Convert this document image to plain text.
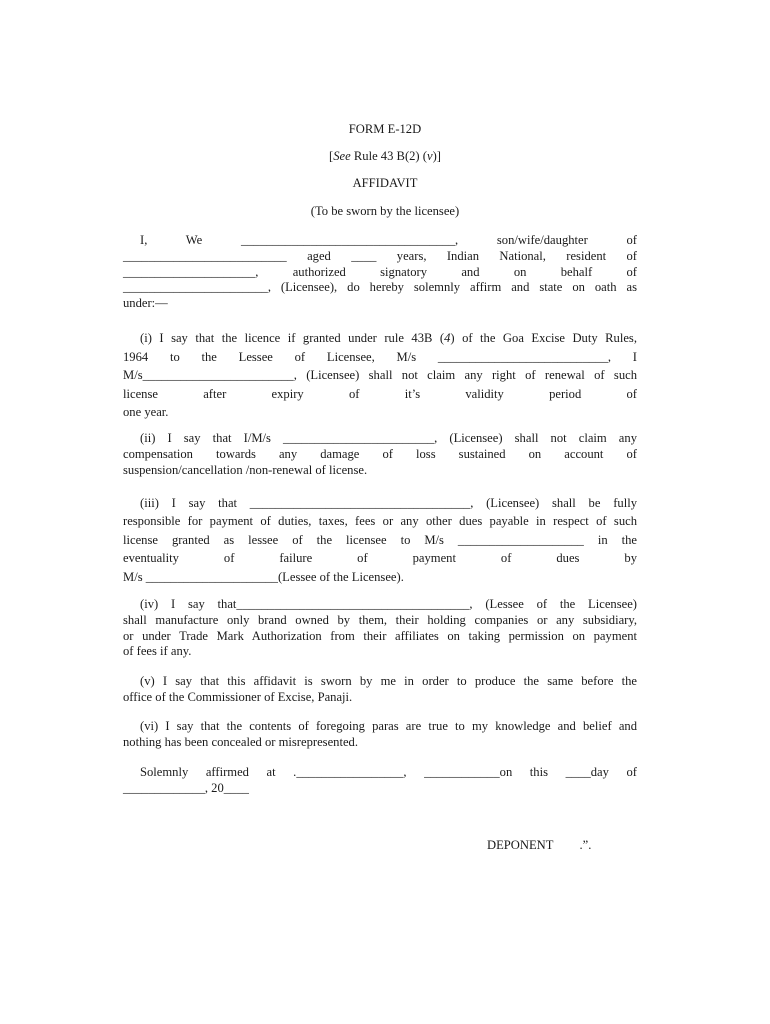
FORM E-12D
[See Rule 43 B(2) (v)]
AFFIDAVIT
(To be sworn by the licensee)
I, We __________________________________, son/wife/daughter of
__________________________ aged ____ years, Indian National, resident of
_____________________, authorized signatory and on behalf of
_______________________, (Licensee), do hereby solemnly affirm and state on oath as
under:—
(i) I say that the licence if granted under rule 43B (4) of the Goa Excise Duty Rules,
1964 to the Lessee of Licensee, M/s ___________________________, I
M/s________________________, (Licensee) shall not claim any right of renewal of such
license after expiry of it’s validity period of
one year.
(ii) I say that I/M/s ________________________, (Licensee) shall not claim any
compensation towards any damage of loss sustained on account of
suspension/cancellation /non-renewal of license.
(iii) I say that ___________________________________, (Licensee) shall be fully
responsible for payment of duties, taxes, fees or any other dues payable in respect of such
license granted as lessee of the licensee to M/s ____________________ in the
eventuality of failure of payment of dues by
M/s _____________________(Lessee of the Licensee).
(iv) I say that_____________________________________, (Lessee of the Licensee)
shall manufacture only brand owned by them, their holding companies or any subsidiary,
or under Trade Mark Authorization from their affiliates on taking permission on payment
of fees if any.
(v) I say that this affidavit is sworn by me in order to produce the same before the
office of the Commissioner of Excise, Panaji.
(vi) I say that the contents of foregoing paras are true to my knowledge and belief and
nothing has been concealed or misrepresented.
Solemnly affirmed at ._________________, ____________on this ____day of
_____________, 20____
DEPONENT .”.
